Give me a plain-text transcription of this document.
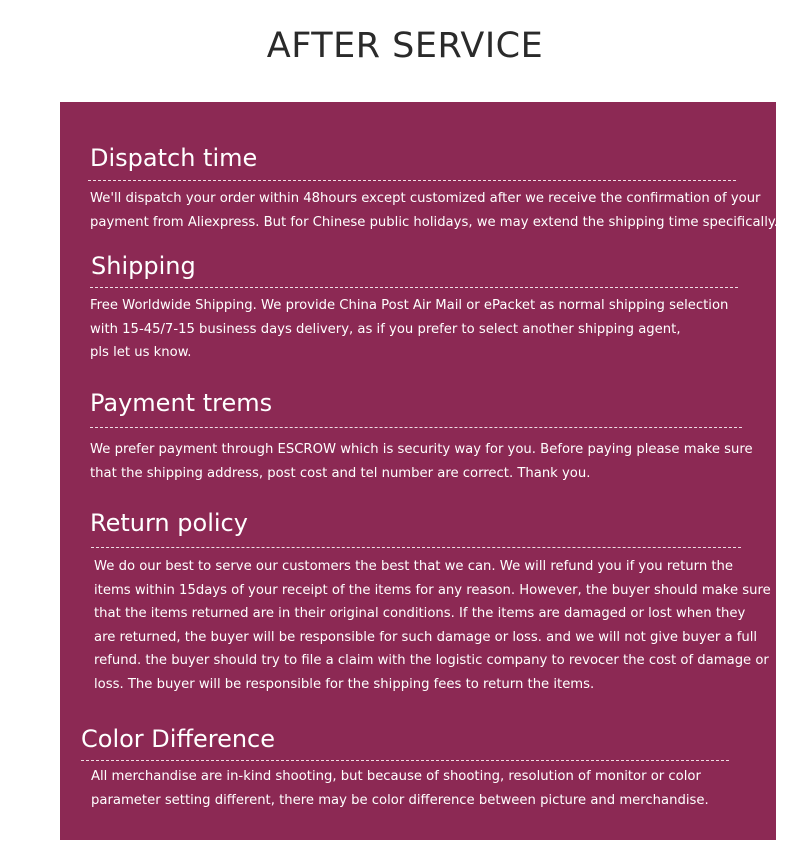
AFTER SERVICE
Dispatch time
We'll dispatch your order within 48hours except customized after we receive the confirmation of your
payment from Aliexpress. But for Chinese public holidays, we may extend the shipping time specifically.
Shipping
Free Worldwide Shipping. We provide China Post Air Mail or ePacket as normal shipping selection
with 15-45/7-15 business days delivery, as if you prefer to select another shipping agent,
pls let us know.
Payment trems
We prefer payment through ESCROW which is security way for you. Before paying please make sure
that the shipping address, post cost and tel number are correct. Thank you.
Return policy
We do our best to serve our customers the best that we can. We will refund you if you return the
items within 15days of your receipt of the items for any reason. However, the buyer should make sure
that the items returned are in their original conditions. If the items are damaged or lost when they
are returned, the buyer will be responsible for such damage or loss. and we will not give buyer a full
refund. the buyer should try to file a claim with the logistic company to revocer the cost of damage or
loss. The buyer will be responsible for the shipping fees to return the items.
Color Difference
All merchandise are in-kind shooting, but because of shooting, resolution of monitor or color
parameter setting different, there may be color difference between picture and merchandise.
